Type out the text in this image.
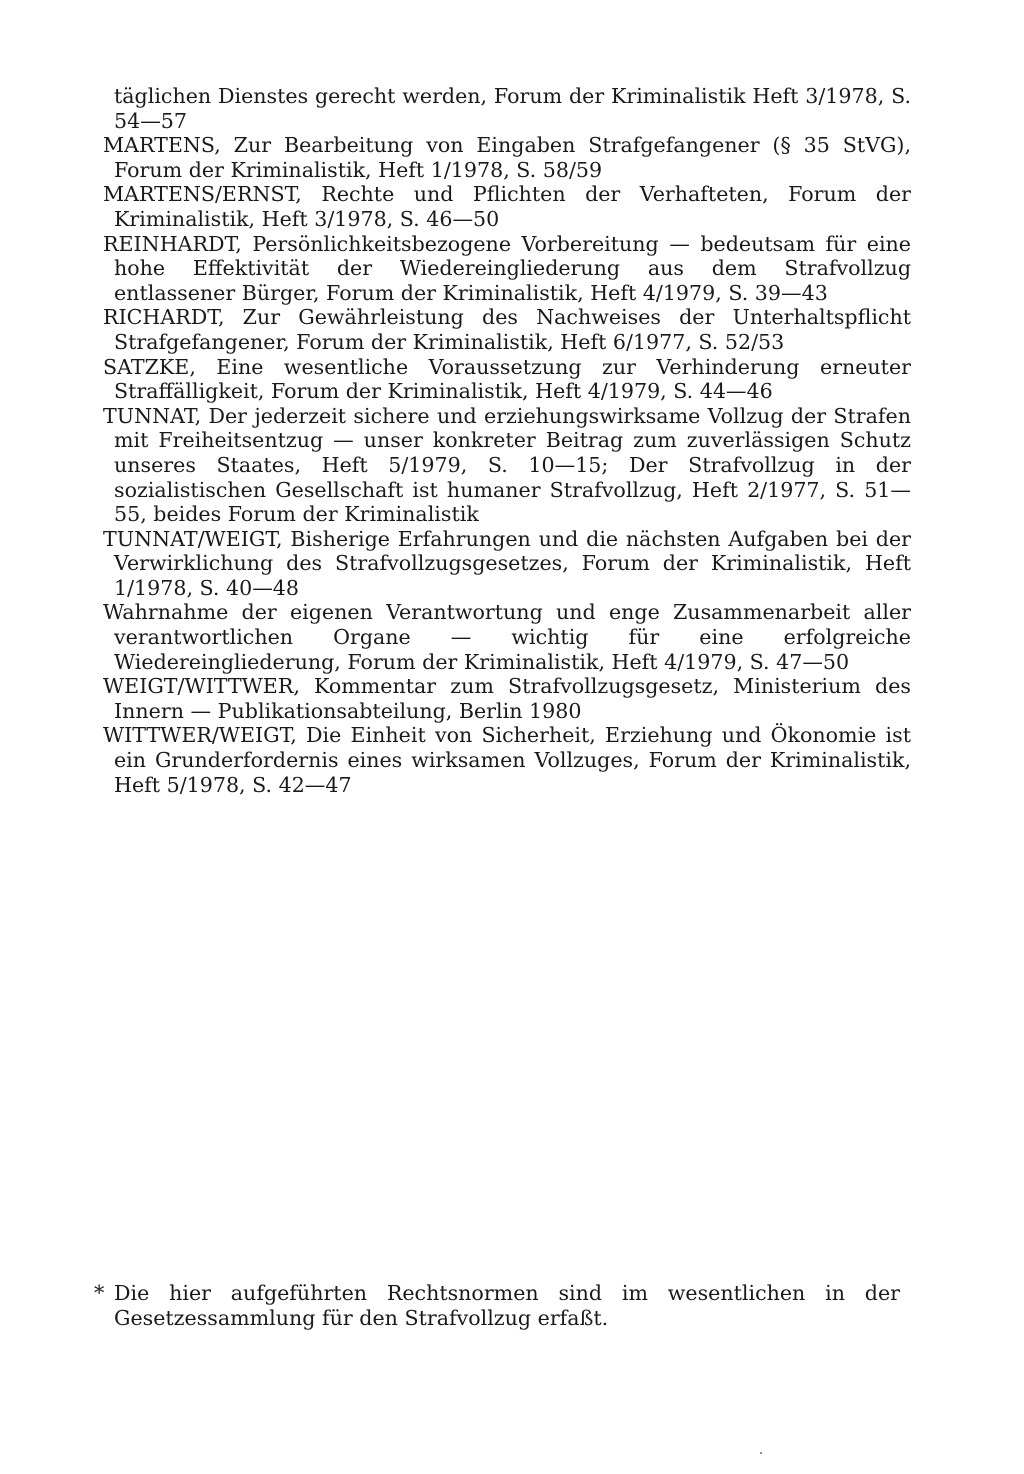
täglichen Dienstes gerecht werden, Forum der Kriminalistik Heft 3/1978, S. 54—57

MARTENS, Zur Bearbeitung von Eingaben Strafgefangener (§ 35 StVG), Forum der Kriminalistik, Heft 1/1978, S. 58/59

MARTENS/ERNST, Rechte und Pflichten der Verhafteten, Forum der Kriminalistik, Heft 3/1978, S. 46—50

REINHARDT, Persönlichkeitsbezogene Vorbereitung — bedeutsam für eine hohe Effektivität der Wiedereingliederung aus dem Strafvollzug entlassener Bürger, Forum der Kriminalistik, Heft 4/1979, S. 39—43

RICHARDT, Zur Gewährleistung des Nachweises der Unterhaltspflicht Strafgefangener, Forum der Kriminalistik, Heft 6/1977, S. 52/53

SATZKE, Eine wesentliche Voraussetzung zur Verhinderung erneuter Straffälligkeit, Forum der Kriminalistik, Heft 4/1979, S. 44—46

TUNNAT, Der jederzeit sichere und erziehungswirksame Vollzug der Strafen mit Freiheitsentzug — unser konkreter Beitrag zum zuverlässigen Schutz unseres Staates, Heft 5/1979, S. 10—15; Der Strafvollzug in der sozialistischen Gesellschaft ist humaner Strafvollzug, Heft 2/1977, S. 51—55, beides Forum der Kriminalistik

TUNNAT/WEIGT, Bisherige Erfahrungen und die nächsten Aufgaben bei der Verwirklichung des Strafvollzugsgesetzes, Forum der Kriminalistik, Heft 1/1978, S. 40—48

Wahrnahme der eigenen Verantwortung und enge Zusammenarbeit aller verantwortlichen Organe — wichtig für eine erfolgreiche Wiedereingliederung, Forum der Kriminalistik, Heft 4/1979, S. 47—50

WEIGT/WITTWER, Kommentar zum Strafvollzugsgesetz, Ministerium des Innern — Publikationsabteilung, Berlin 1980

WITTWER/WEIGT, Die Einheit von Sicherheit, Erziehung und Ökonomie ist ein Grunderfordernis eines wirksamen Vollzuges, Forum der Kriminalistik, Heft 5/1978, S. 42—47

* Die hier aufgeführten Rechtsnormen sind im wesentlichen in der Gesetzessammlung für den Strafvollzug erfaßt.
